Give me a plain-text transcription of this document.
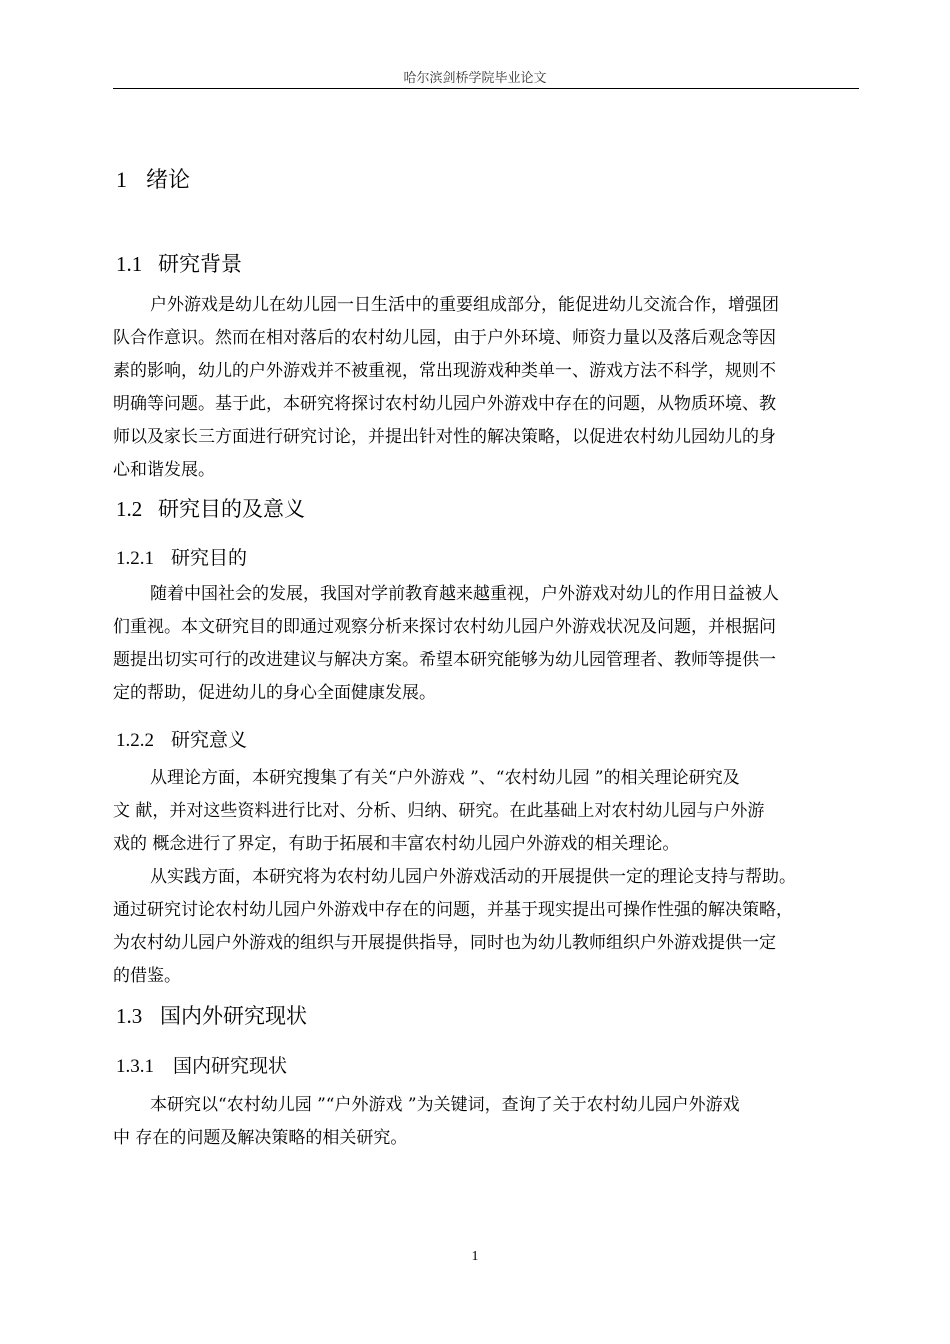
哈尔滨剑桥学院毕业论文
1 绪论
1.1 研究背景
户外游戏是幼儿在幼儿园一日生活中的重要组成部分，能促进幼儿交流合作，增强团
队合作意识。然而在相对落后的农村幼儿园，由于户外环境、师资力量以及落后观念等因
素的影响，幼儿的户外游戏并不被重视，常出现游戏种类单一、游戏方法不科学，规则不
明确等问题。基于此，本研究将探讨农村幼儿园户外游戏中存在的问题，从物质环境、教
师以及家长三方面进行研究讨论，并提出针对性的解决策略，以促进农村幼儿园幼儿的身
心和谐发展。
1.2 研究目的及意义
1.2.1 研究目的
随着中国社会的发展，我国对学前教育越来越重视，户外游戏对幼儿的作用日益被人
们重视。本文研究目的即通过观察分析来探讨农村幼儿园户外游戏状况及问题，并根据问
题提出切实可行的改进建议与解决方案。希望本研究能够为幼儿园管理者、教师等提供一
定的帮助，促进幼儿的身心全面健康发展。
1.2.2 研究意义
从理论方面，本研究搜集了有关“户外游戏 ”、“农村幼儿园 ”的相关理论研究及
文 献，并对这些资料进行比对、分析、归纳、研究。在此基础上对农村幼儿园与户外游
戏的 概念进行了界定，有助于拓展和丰富农村幼儿园户外游戏的相关理论。
从实践方面，本研究将为农村幼儿园户外游戏活动的开展提供一定的理论支持与帮助。
通过研究讨论农村幼儿园户外游戏中存在的问题，并基于现实提出可操作性强的解决策略，
为农村幼儿园户外游戏的组织与开展提供指导，同时也为幼儿教师组织户外游戏提供一定
的借鉴。
1.3 国内外研究现状
1.3.1 国内研究现状
本研究以“农村幼儿园 ”“户外游戏 ”为关键词，查询了关于农村幼儿园户外游戏
中 存在的问题及解决策略的相关研究。
1
